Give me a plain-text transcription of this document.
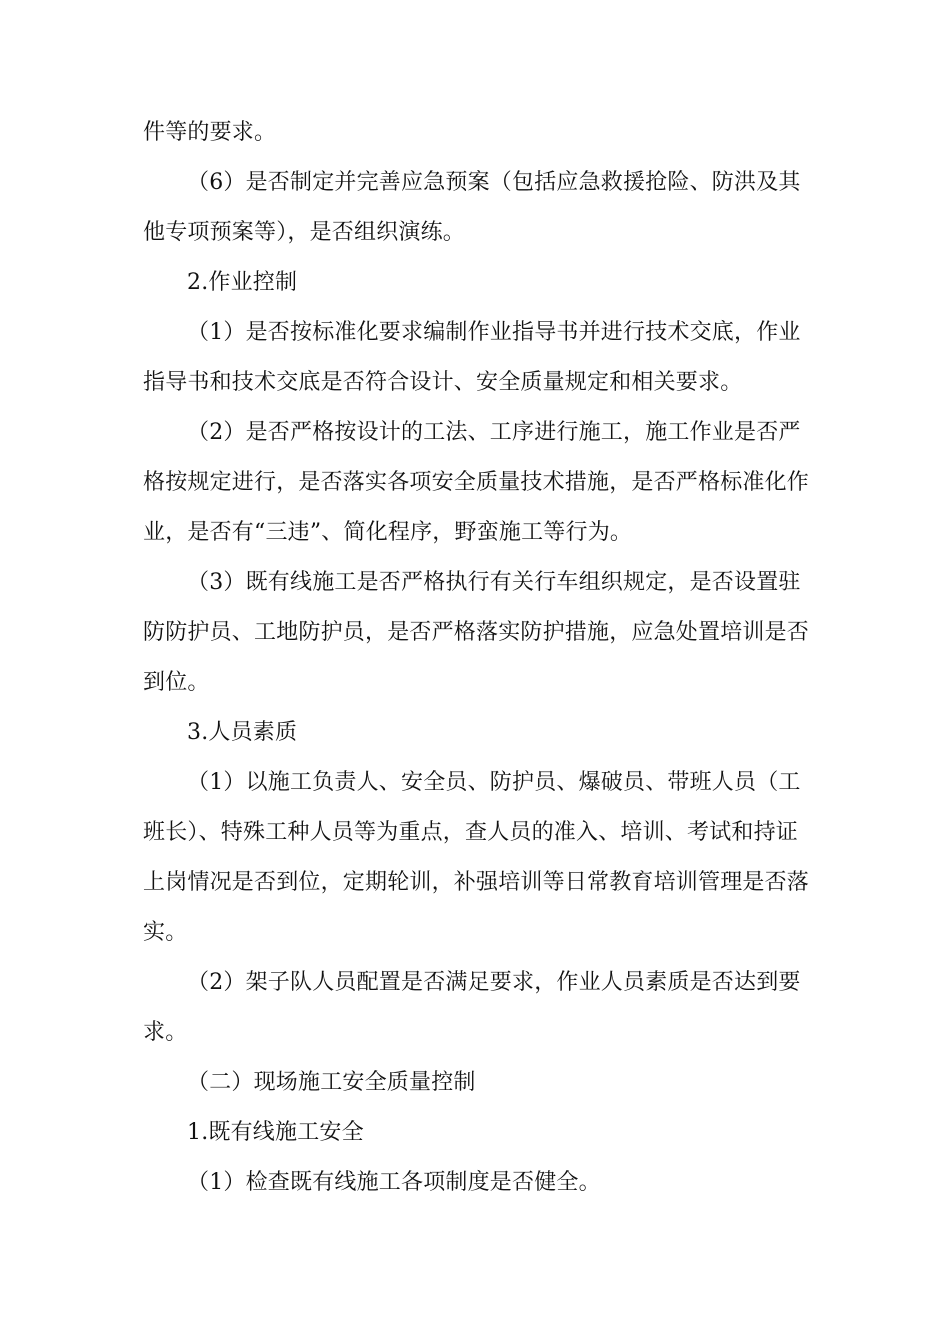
件等的要求。
（6）是否制定并完善应急预案（包括应急救援抢险、防洪及其
他专项预案等），是否组织演练。
2.作业控制
（1）是否按标准化要求编制作业指导书并进行技术交底，作业
指导书和技术交底是否符合设计、安全质量规定和相关要求。
（2）是否严格按设计的工法、工序进行施工，施工作业是否严
格按规定进行，是否落实各项安全质量技术措施，是否严格标准化作
业，是否有“三违”、简化程序，野蛮施工等行为。
（3）既有线施工是否严格执行有关行车组织规定，是否设置驻
防防护员、工地防护员，是否严格落实防护措施，应急处置培训是否
到位。
3.人员素质
（1）以施工负责人、安全员、防护员、爆破员、带班人员（工
班长）、特殊工种人员等为重点，查人员的准入、培训、考试和持证
上岗情况是否到位，定期轮训，补强培训等日常教育培训管理是否落
实。
（2）架子队人员配置是否满足要求，作业人员素质是否达到要
求。
（二）现场施工安全质量控制
1.既有线施工安全
（1）检查既有线施工各项制度是否健全。
